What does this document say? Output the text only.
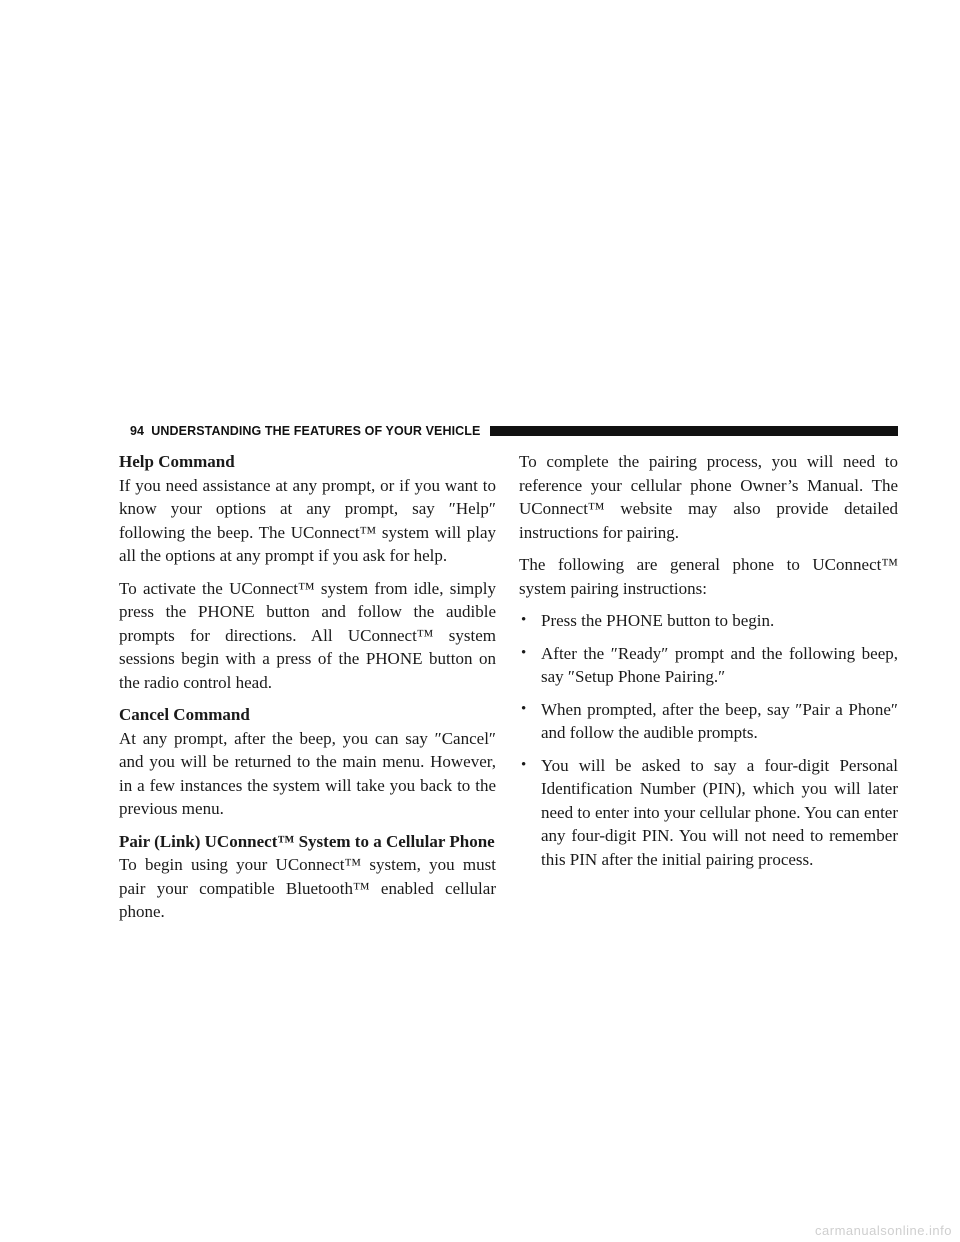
94 UNDERSTANDING THE FEATURES OF YOUR VEHICLE
Help Command

If you need assistance at any prompt, or if you want to know your options at any prompt, say ″Help″ following the beep. The UConnect™ system will play all the options at any prompt if you ask for help.

To activate the UConnect™ system from idle, simply press the PHONE button and follow the audible prompts for directions. All UConnect™ system sessions begin with a press of the PHONE button on the radio control head.

Cancel Command

At any prompt, after the beep, you can say ″Cancel″ and you will be returned to the main menu. However, in a few instances the system will take you back to the previous menu.

Pair (Link) UConnect™ System to a Cellular Phone

To begin using your UConnect™ system, you must pair your compatible Bluetooth™ enabled cellular phone.

To complete the pairing process, you will need to reference your cellular phone Owner’s Manual. The UConnect™ website may also provide detailed instructions for pairing.

The following are general phone to UConnect™ system pairing instructions:

• Press the PHONE button to begin.
• After the ″Ready″ prompt and the following beep, say ″Setup Phone Pairing.″
• When prompted, after the beep, say ″Pair a Phone″ and follow the audible prompts.
• You will be asked to say a four-digit Personal Identification Number (PIN), which you will later need to enter into your cellular phone. You can enter any four-digit PIN. You will not need to remember this PIN after the initial pairing process.
carmanualsonline.info
